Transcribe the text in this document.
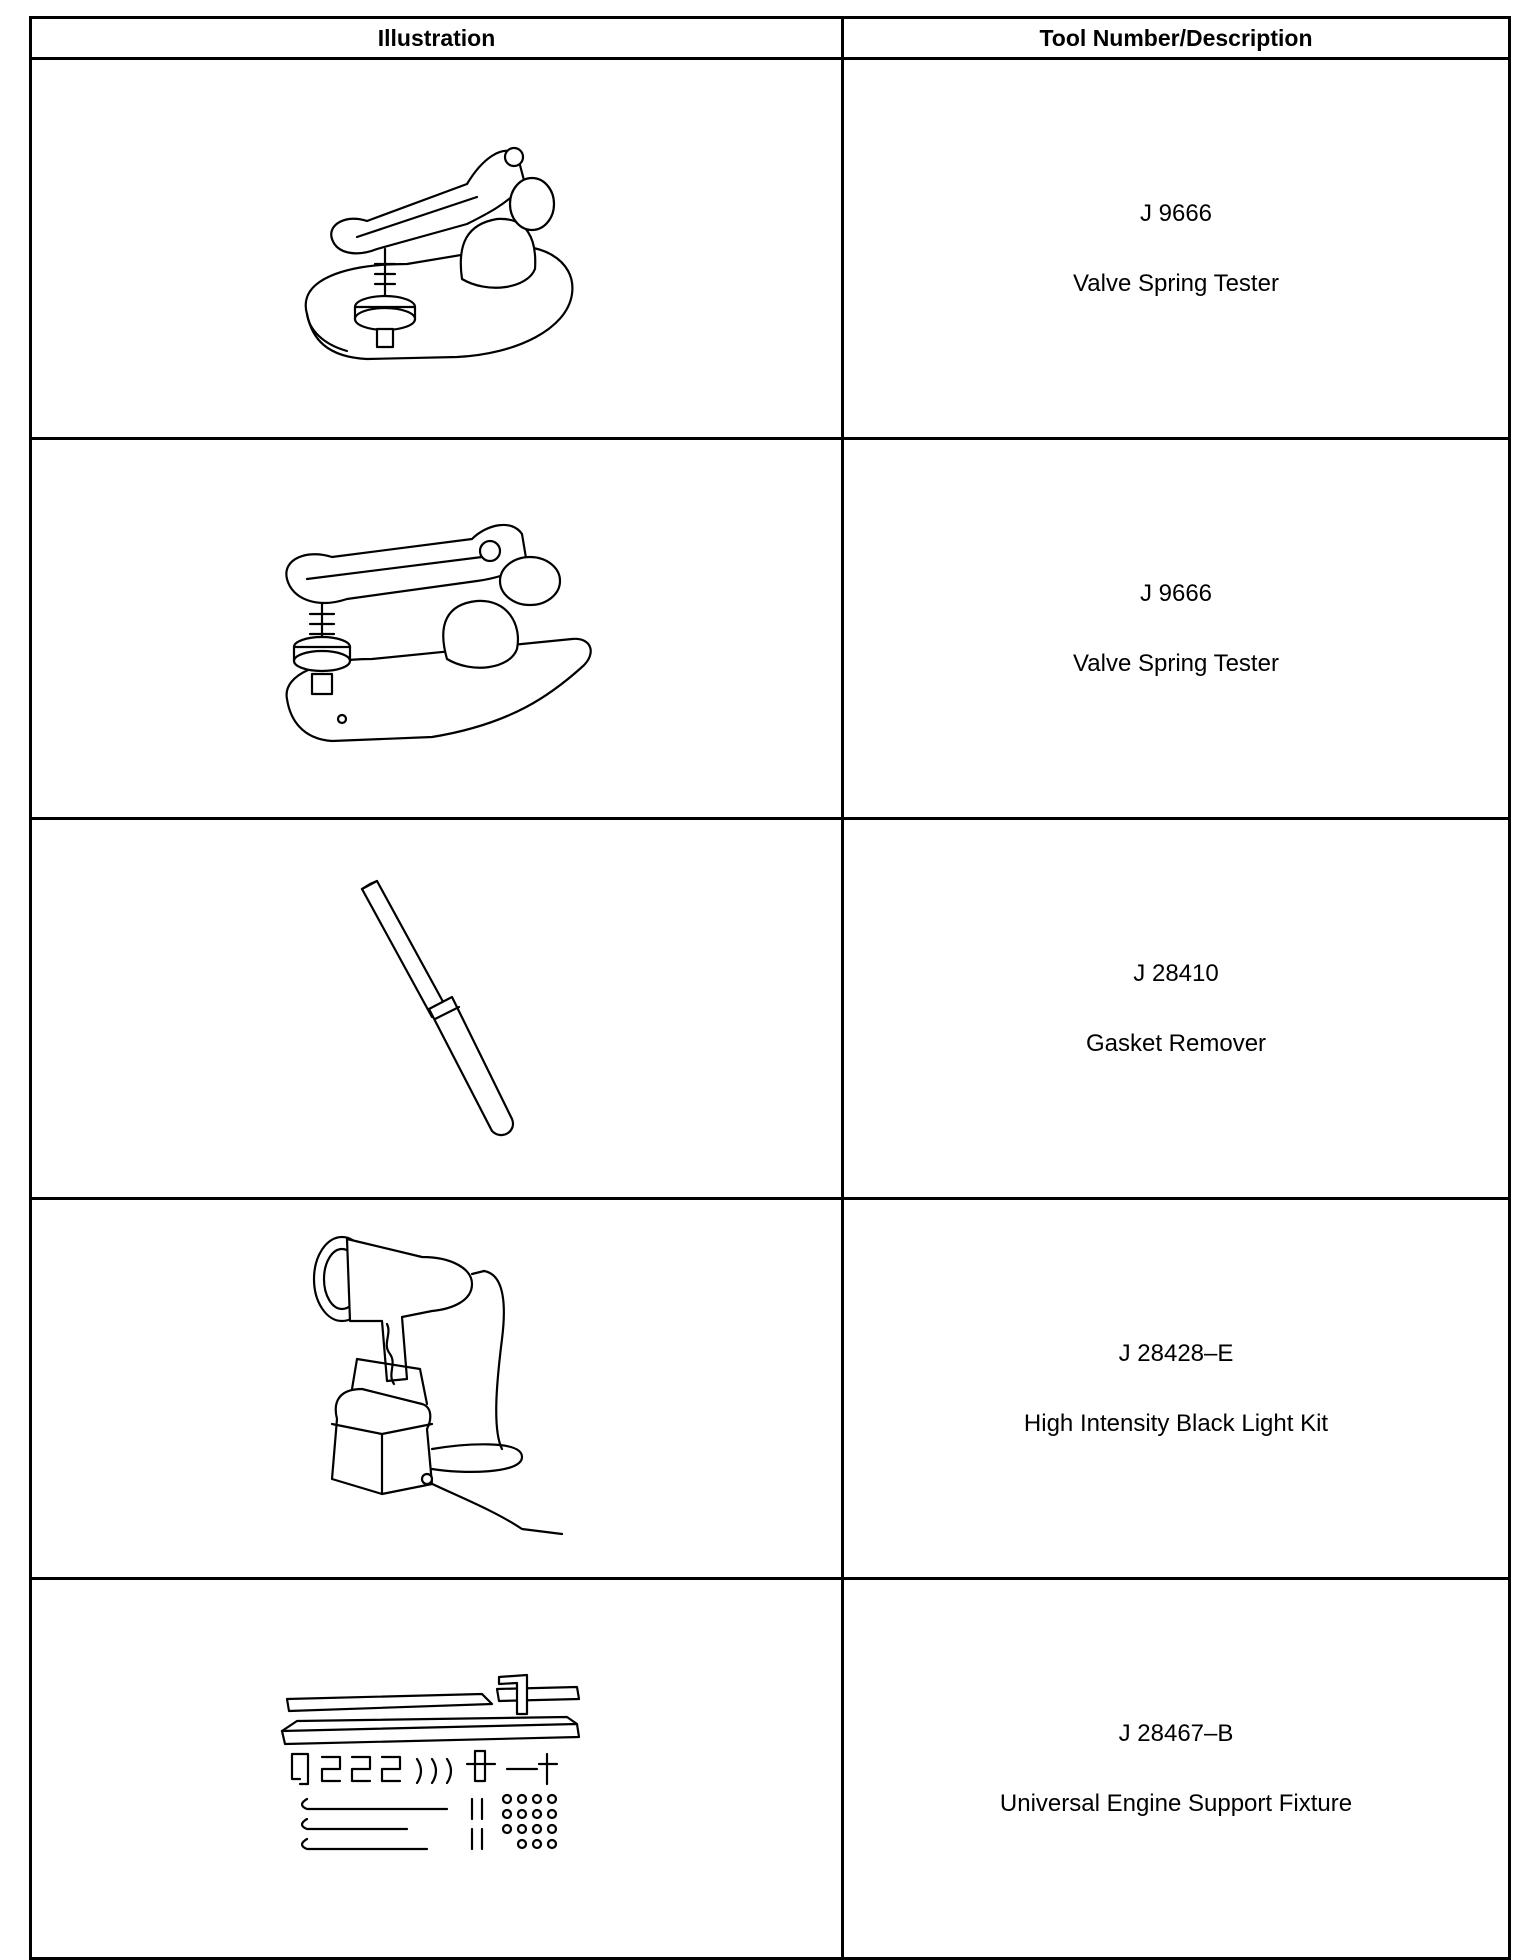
Illustration	Tool Number/Description

J 9666
Valve Spring Tester

J 9666
Valve Spring Tester

J 28410
Gasket Remover

J 28428–E
High Intensity Black Light Kit

J 28467–B
Universal Engine Support Fixture
